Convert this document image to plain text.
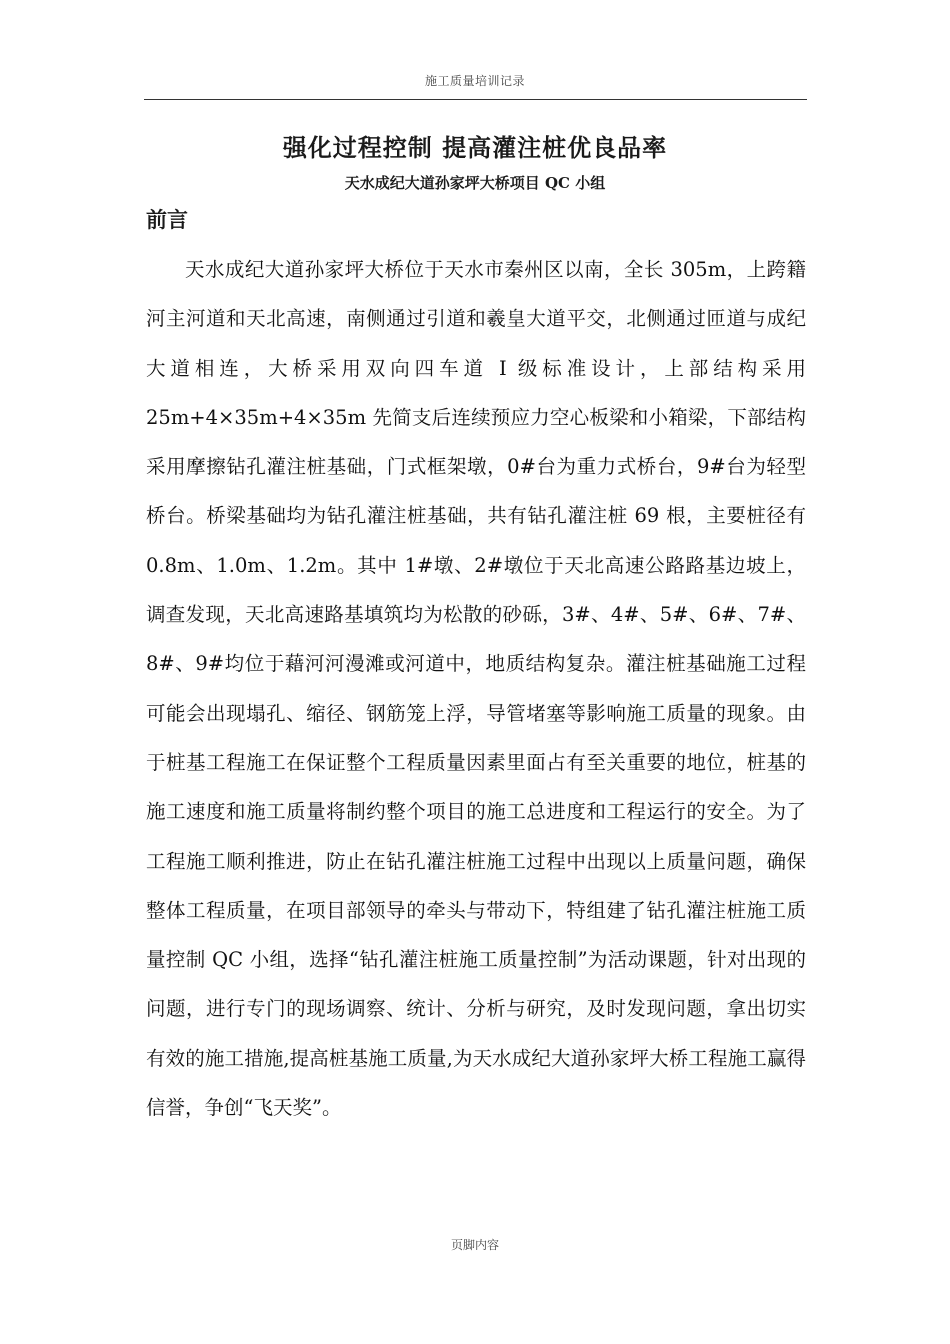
施工质量培训记录
强化过程控制 提高灌注桩优良品率
天水成纪大道孙家坪大桥项目 QC 小组
前言

天水成纪大道孙家坪大桥位于天水市秦州区以南，全长 305m，上跨籍河主河道和天北高速，南侧通过引道和羲皇大道平交，北侧通过匝道与成纪大道相连，大桥采用双向四车道 I 级标准设计，上部结构采用 25m+4×35m+4×35m 先简支后连续预应力空心板梁和小箱梁，下部结构采用摩擦钻孔灌注桩基础，门式框架墩，0#台为重力式桥台，9#台为轻型桥台。桥梁基础均为钻孔灌注桩基础，共有钻孔灌注桩 69 根，主要桩径有 0.8m、1.0m、1.2m。其中 1#墩、2#墩位于天北高速公路路基边坡上，调查发现，天北高速路基填筑均为松散的砂砾，3#、4#、5#、6#、7#、8#、9#均位于藉河河漫滩或河道中，地质结构复杂。灌注桩基础施工过程可能会出现塌孔、缩径、钢筋笼上浮，导管堵塞等影响施工质量的现象。由于桩基工程施工在保证整个工程质量因素里面占有至关重要的地位，桩基的施工速度和施工质量将制约整个项目的施工总进度和工程运行的安全。为了工程施工顺利推进，防止在钻孔灌注桩施工过程中出现以上质量问题，确保整体工程质量，在项目部领导的牵头与带动下，特组建了钻孔灌注桩施工质量控制 QC 小组，选择“钻孔灌注桩施工质量控制”为活动课题，针对出现的问题，进行专门的现场调察、统计、分析与研究，及时发现问题，拿出切实有效的施工措施,提高桩基施工质量,为天水成纪大道孙家坪大桥工程施工赢得信誉，争创“飞天奖”。

页脚内容
